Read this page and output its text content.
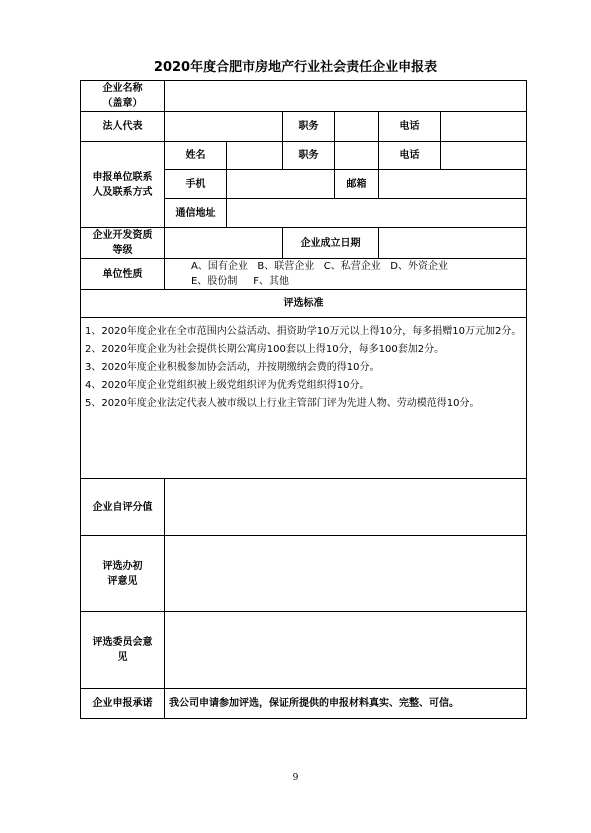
2020年度合肥市房地产行业社会责任企业申报表
企业名称
（盖章）						

法人代表			职务		电话	

申报单位联系人及联系方式	姓名		职务		电话	
	手机			邮箱		
	通信地址					

企业开发资质等级			企业成立日期			
单位性质	A、国有企业   B、联营企业   C、私营企业   D、外资企业
E、股份制     F、其他					

评选标准						

1、2020年度企业在全市范围内公益活动、捐资助学10万元以上得10分，每多捐赠10万元加2分。
2、2020年度企业为社会提供长期公寓房100套以上得10分，每多100套加2分。
3、2020年度企业积极参加协会活动，并按期缴纳会费的得10分。
4、2020年度企业党组织被上级党组织评为优秀党组织得10分。
5、2020年度企业法定代表人被市级以上行业主管部门评为先进人物、劳动模范得10分。						

企业自评分值						

评选办初评意见						

评选委员会意见						

企业申报承诺	我公司申请参加评选，保证所提供的申报材料真实、完整、可信。					
9
